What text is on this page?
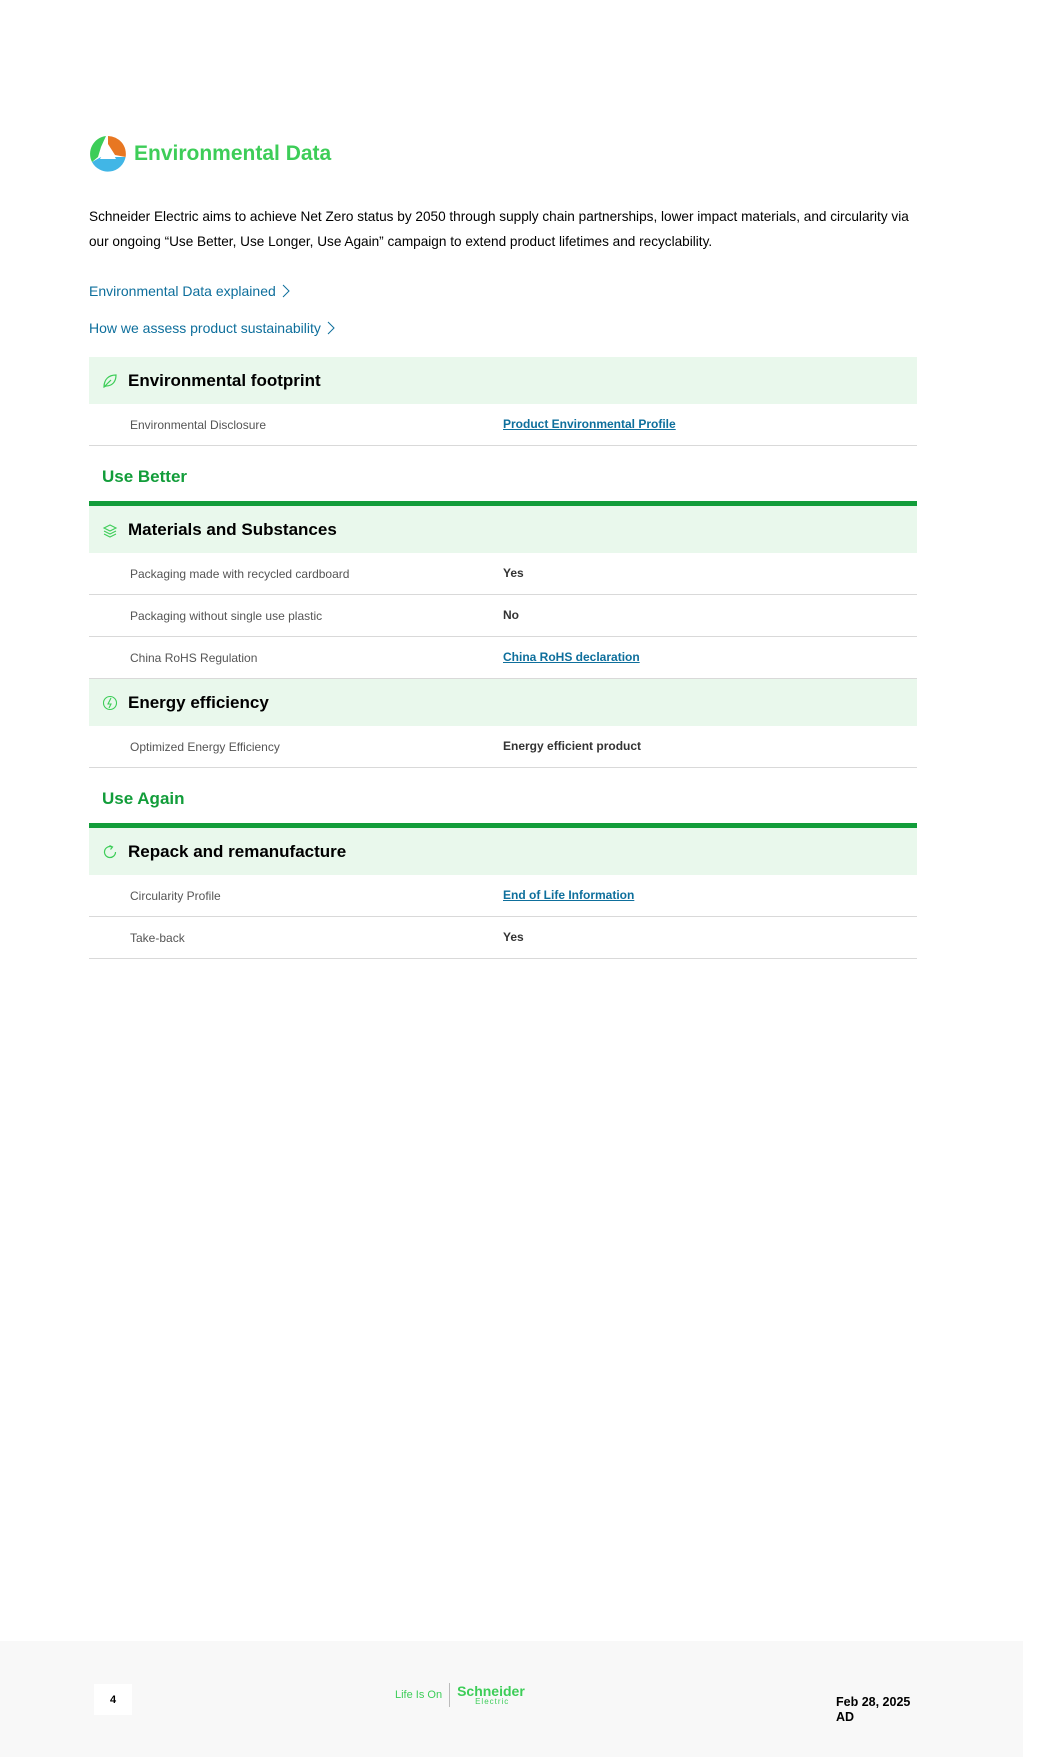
Environmental Data
Schneider Electric aims to achieve Net Zero status by 2050 through supply chain partnerships, lower impact materials, and circularity via our ongoing “Use Better, Use Longer, Use Again” campaign to extend product lifetimes and recyclability.
Environmental Data explained
How we assess product sustainability
Environmental footprint
Environmental Disclosure	Product Environmental Profile
Use Better
Materials and Substances
Packaging made with recycled cardboard	Yes
Packaging without single use plastic	No
China RoHS Regulation	China RoHS declaration
Energy efficiency
Optimized Energy Efficiency	Energy efficient product
Use Again
Repack and remanufacture
Circularity Profile	End of Life Information
Take-back	Yes
4	Life Is On Schneider
Electric	Feb 28, 2025
AD
